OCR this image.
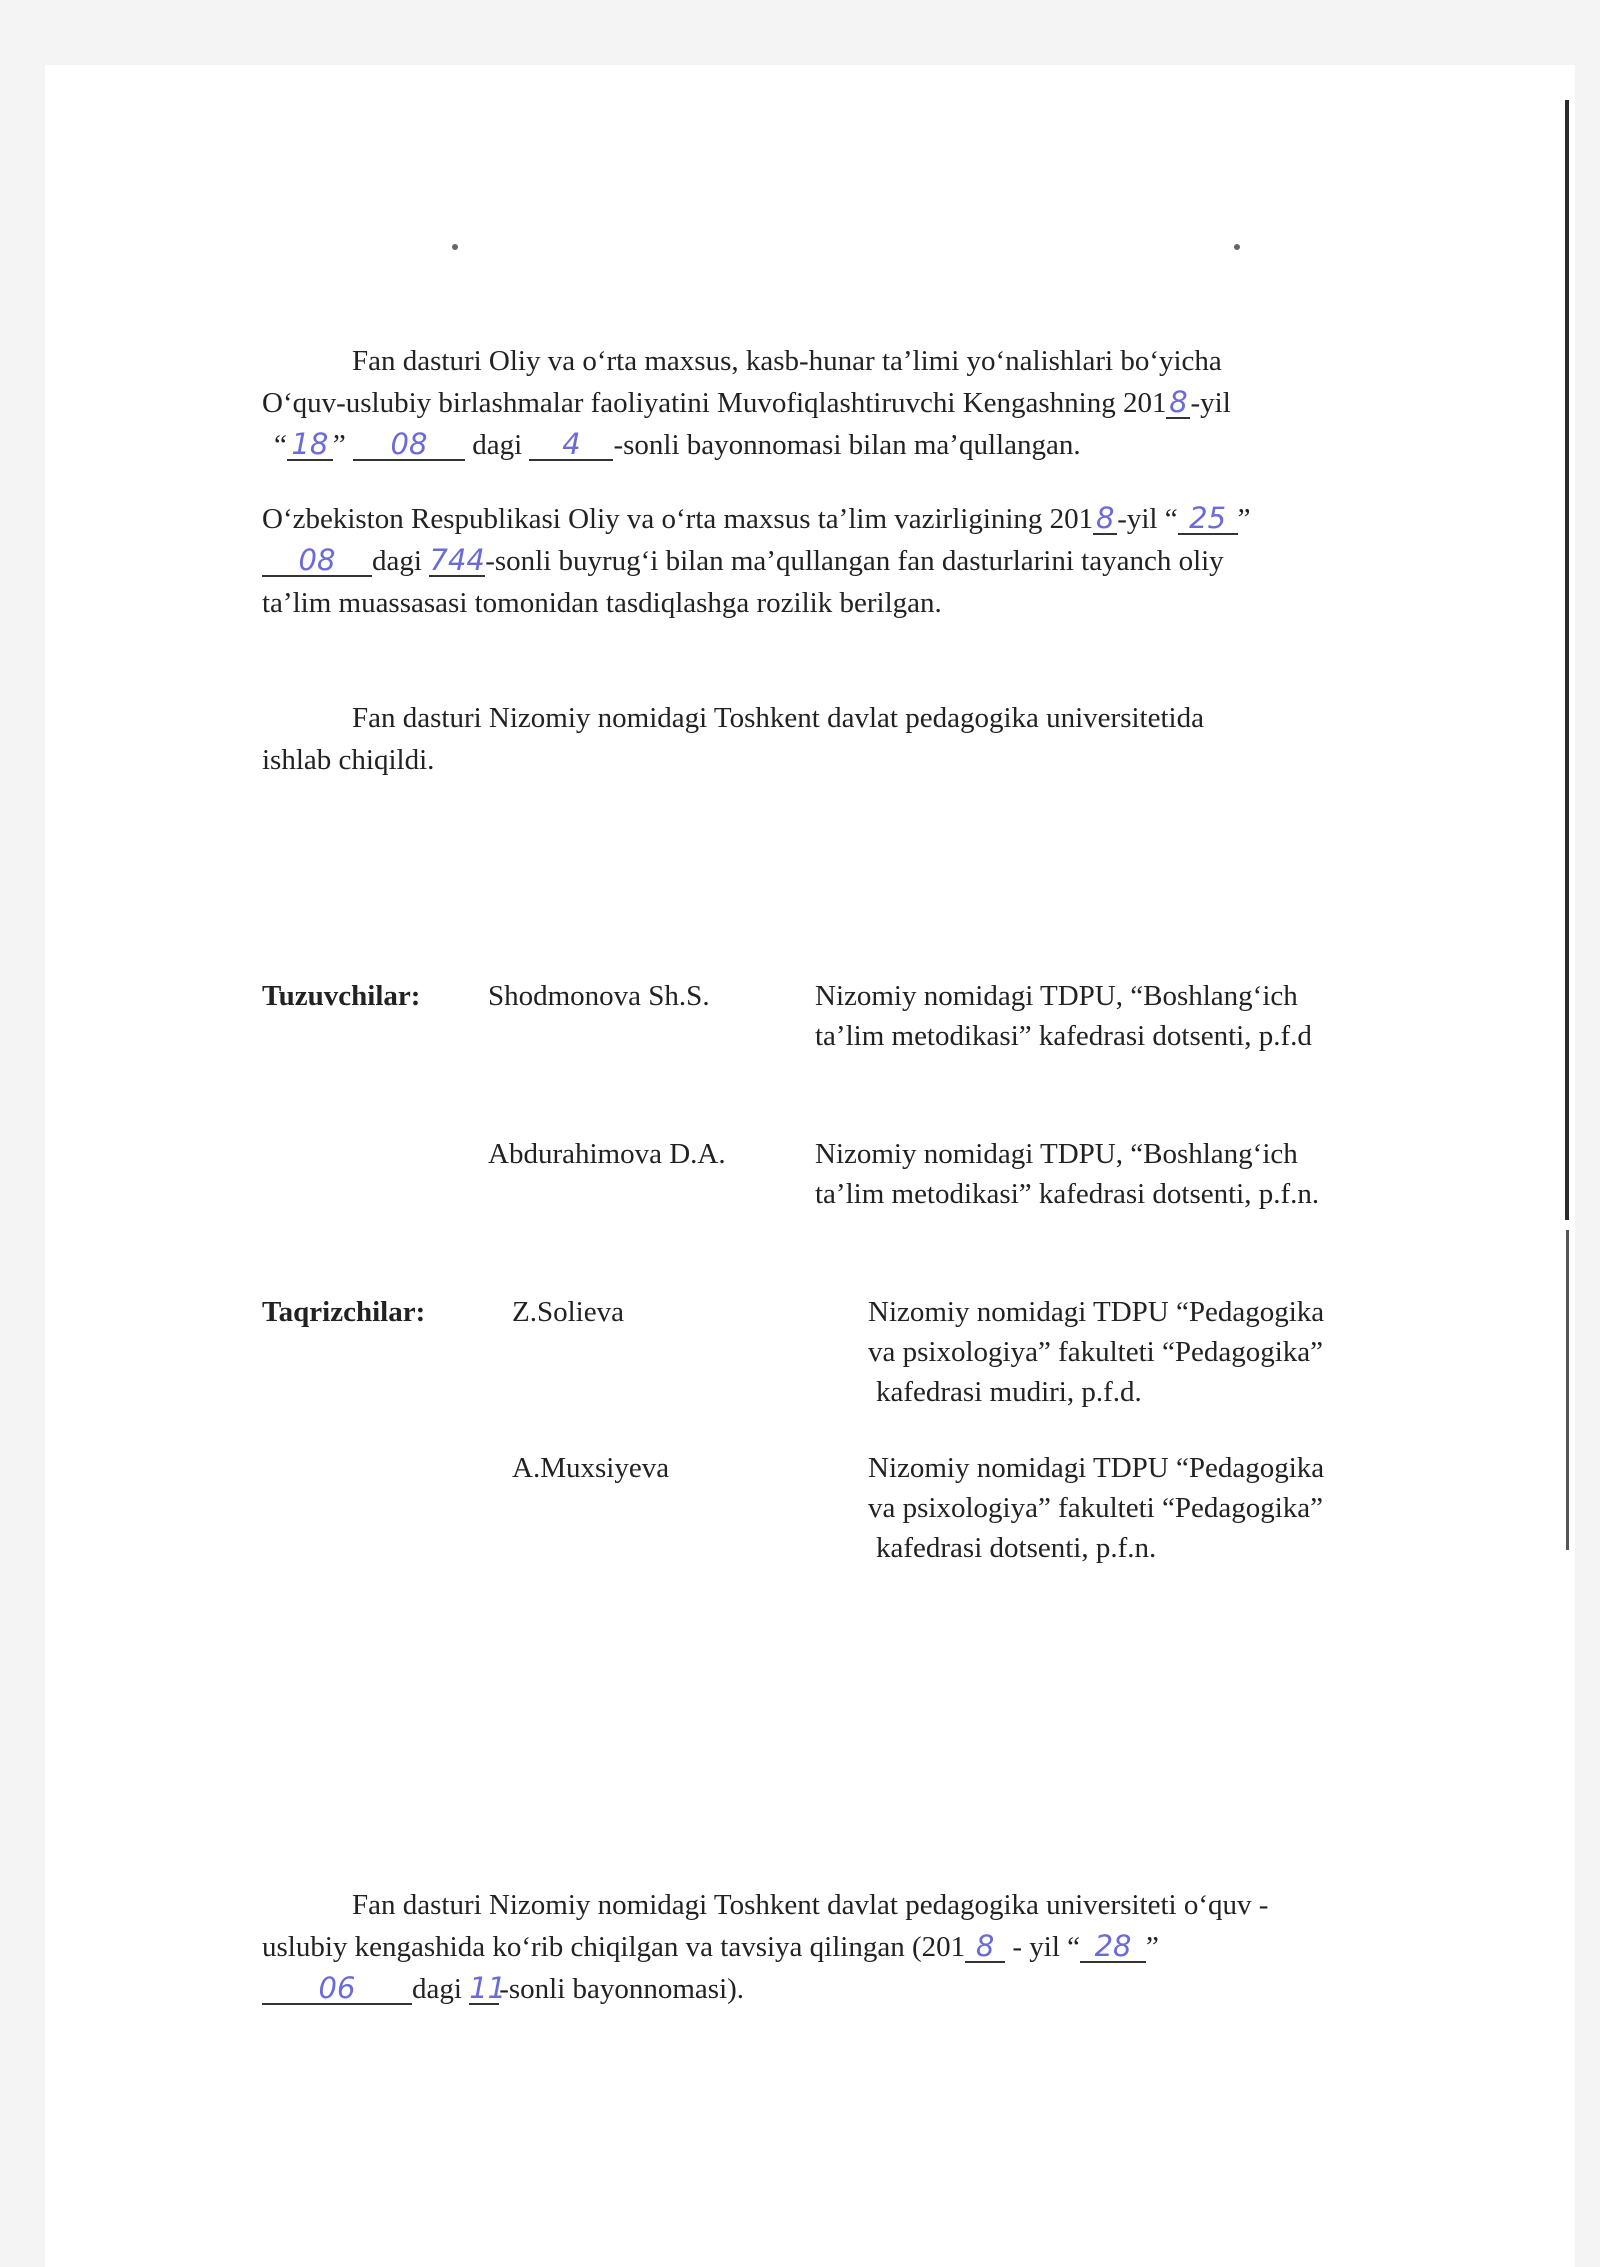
Fan dasturi Oliy va o‘rta maxsus, kasb-hunar ta’limi yo‘nalishlari bo‘yicha
O‘quv-uslubiy birlashmalar faoliyatini Muvofiqlashtiruvchi Kengashning 2018-yil
“ 18 ” 08 dagi 4 -sonli bayonnomasi bilan ma’qullangan.
O‘zbekiston Respublikasi Oliy va o‘rta maxsus ta’lim vazirligining 2018-yil “ 25 ”
08 dagi 744-sonli buyrug‘i bilan ma’qullangan fan dasturlarini tayanch oliy
ta’lim muassasasi tomonidan tasdiqlashga rozilik berilgan.
Fan dasturi Nizomiy nomidagi Toshkent davlat pedagogika universitetida
ishlab chiqildi.
Tuzuvchilar: Shodmonova Sh.S.	Nizomiy nomidagi TDPU, “Boshlang‘ich
ta’lim metodikasi” kafedrasi dotsenti, p.f.d
Abdurahimova D.A.	Nizomiy nomidagi TDPU, “Boshlang‘ich
ta’lim metodikasi” kafedrasi dotsenti, p.f.n.
Taqrizchilar:	Z.Solieva	Nizomiy nomidagi TDPU “Pedagogika
va psixologiya” fakulteti “Pedagogika”
kafedrasi mudiri, p.f.d.
A.Muxsiyeva	Nizomiy nomidagi TDPU “Pedagogika
va psixologiya” fakulteti “Pedagogika”
kafedrasi dotsenti, p.f.n.
Fan dasturi Nizomiy nomidagi Toshkent davlat pedagogika universiteti o‘quv -
uslubiy kengashida ko‘rib chiqilgan va tavsiya qilingan (201 8 - yil “ 28 ”
06 dagi 11-sonli bayonnomasi).
